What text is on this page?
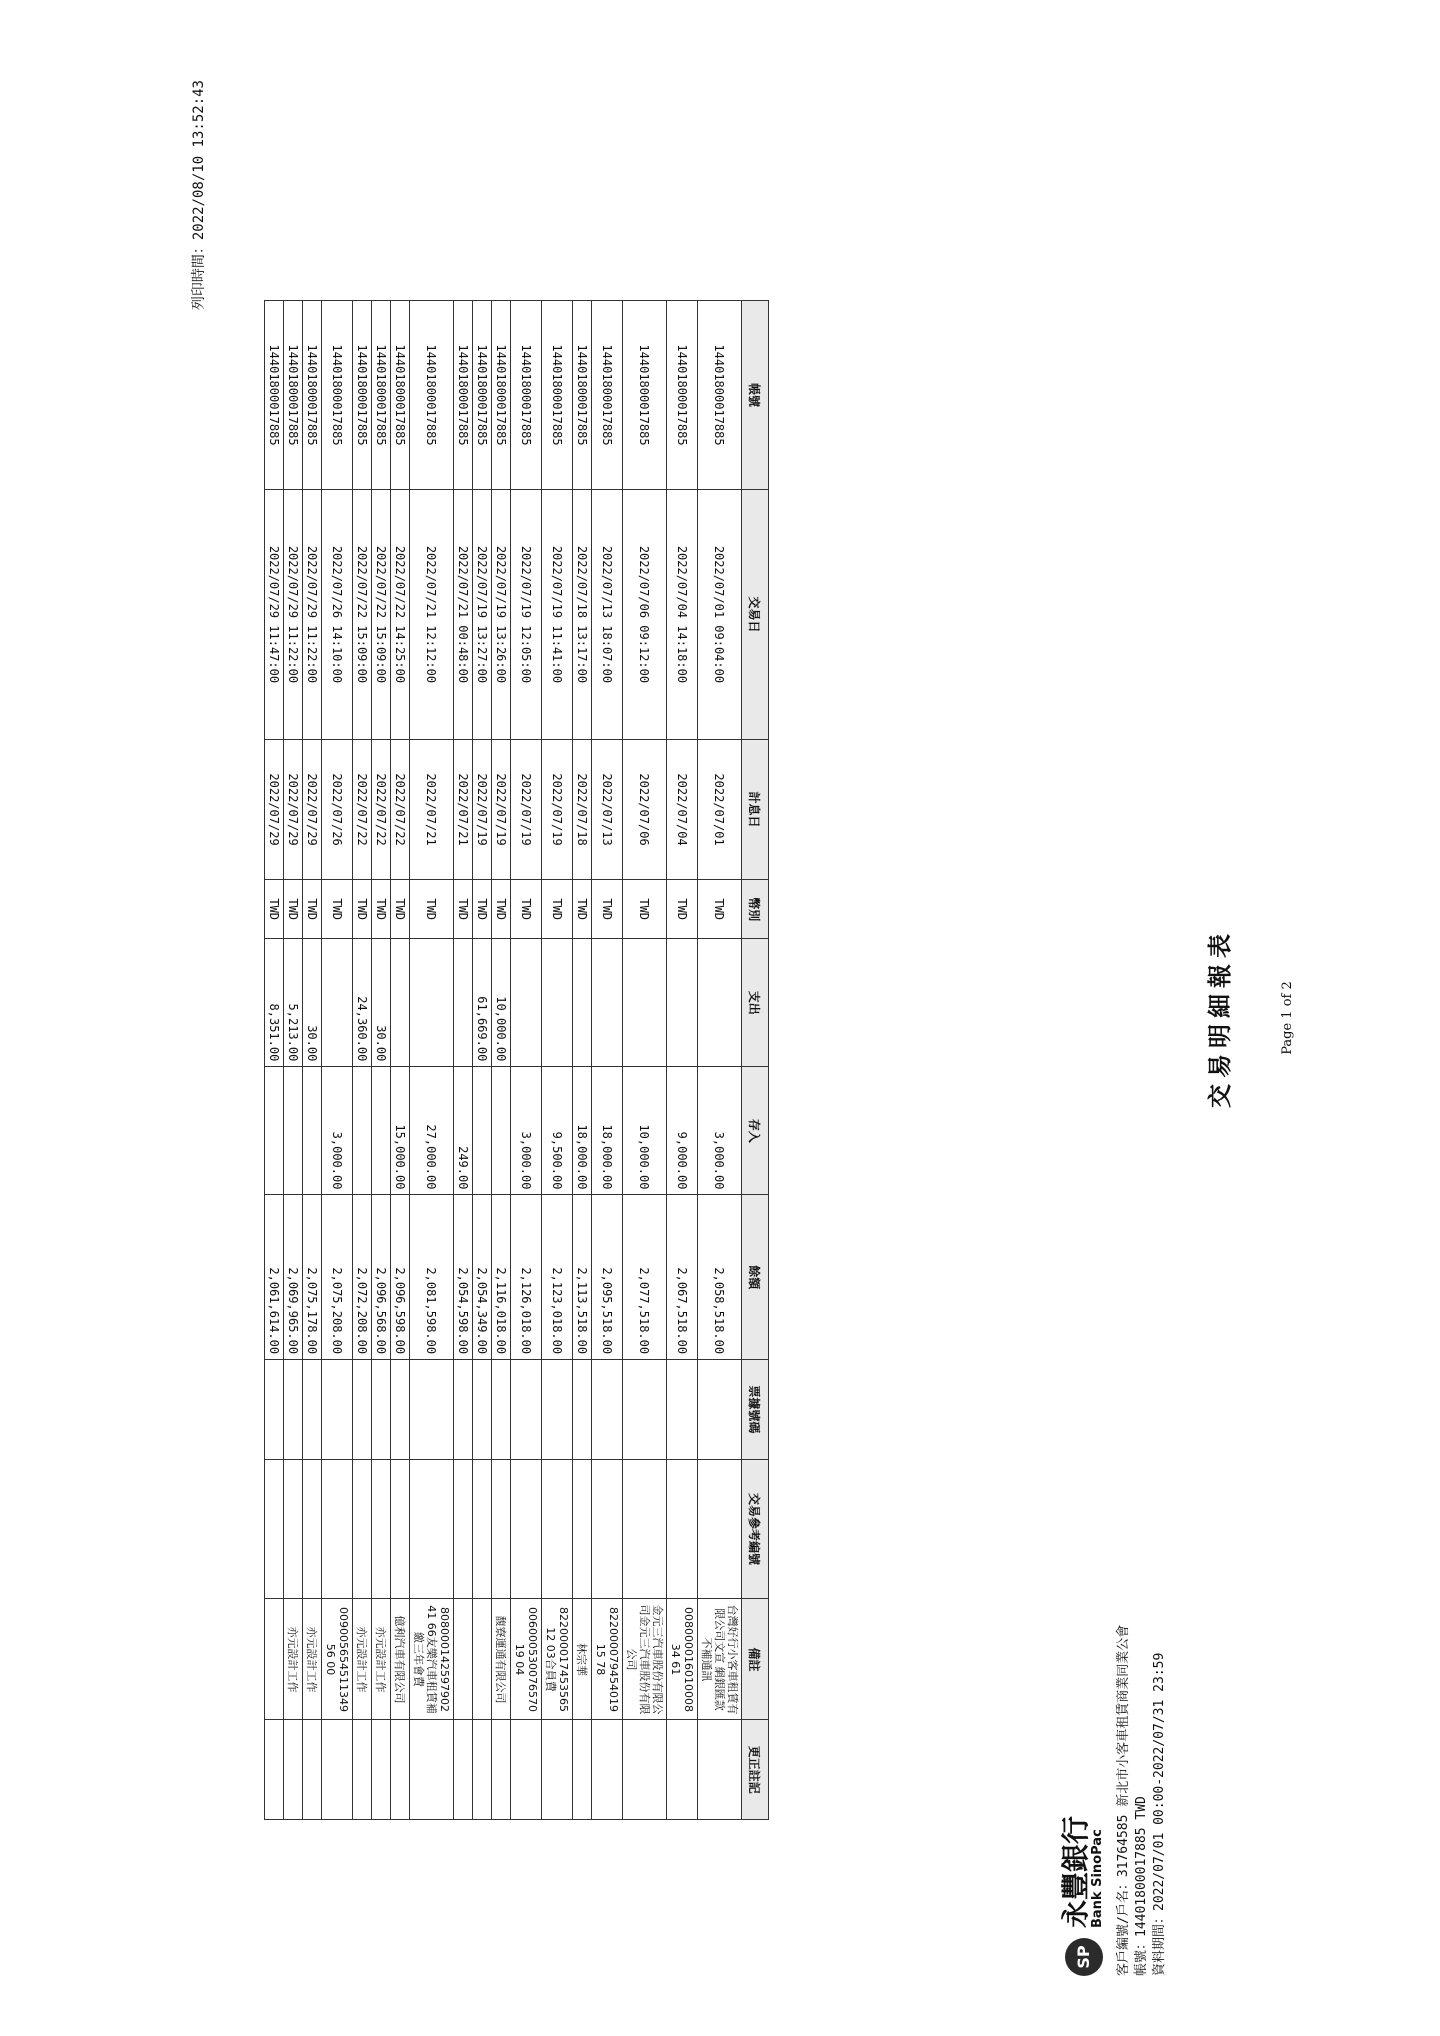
列印時間：2022/08/10 13:52:43
交易明細報表
SP
永豐銀行
Bank SinoPac 客戶編號/戶名：31764585 新北市小客車租賃商業同業公會 帳號：14401800017885 TWD 資料期間：2022/07/01 00:00-2022/07/31 23:59
帳號	交易日	計息日	幣別	支出	存入	餘額	票據號碼	交易參考編號	備註	更正註記
14401800017885	2022/07/01 09:04:00	2022/07/01	TWD		3,000.00	2,058,518.00			台灣好行小客車租賃有限公司文宣 網銀匯款不補通訊	
14401800017885	2022/07/04 14:18:00	2022/07/04	TWD		9,000.00	2,067,518.00			00800001601000834 61	
14401800017885	2022/07/06 09:12:00	2022/07/06	TWD		10,000.00	2,077,518.00			金元三汽車股份有限公司金元三汽車股份有限公司	
14401800017885	2022/07/13 18:07:00	2022/07/13	TWD		18,000.00	2,095,518.00			82200007945401915 78	
14401800017885	2022/07/18 13:17:00	2022/07/18	TWD		18,000.00	2,113,518.00			林宗華	
14401800017885	2022/07/19 11:41:00	2022/07/19	TWD		9,500.00	2,123,018.00			82200001745356512 03合員費	
14401800017885	2022/07/19 12:05:00	2022/07/19	TWD		3,000.00	2,126,018.00			00600053007657019 04	
14401800017885	2022/07/19 13:26:00	2022/07/19	TWD	10,000.00		2,116,018.00			馥寮運通有限公司	
14401800017885	2022/07/19 13:27:00	2022/07/19	TWD	61,669.00		2,054,349.00				
14401800017885	2022/07/21 00:48:00	2022/07/21	TWD		249.00	2,054,598.00				
14401800017885	2022/07/21 12:12:00	2022/07/21	TWD		27,000.00	2,081,598.00			80800014259790241 66友樂汽車租賃補繳三年會費	
14401800017885	2022/07/22 14:25:00	2022/07/22	TWD		15,000.00	2,096,598.00			億利汽車有限公司	
14401800017885	2022/07/22 15:09:00	2022/07/22	TWD	30.00		2,096,568.00			亦元設計工作	
14401800017885	2022/07/22 15:09:00	2022/07/22	TWD	24,360.00		2,072,208.00			亦元設計工作	
14401800017885	2022/07/26 14:10:00	2022/07/26	TWD		3,000.00	2,075,208.00			00900565451134956 00	
14401800017885	2022/07/29 11:22:00	2022/07/29	TWD	30.00		2,075,178.00			亦元設計工作	
14401800017885	2022/07/29 11:22:00	2022/07/29	TWD	5,213.00		2,069,965.00			亦元設計工作	
14401800017885	2022/07/29 11:47:00	2022/07/29	TWD	8,351.00		2,061,614.00				
Page 1 of 2
